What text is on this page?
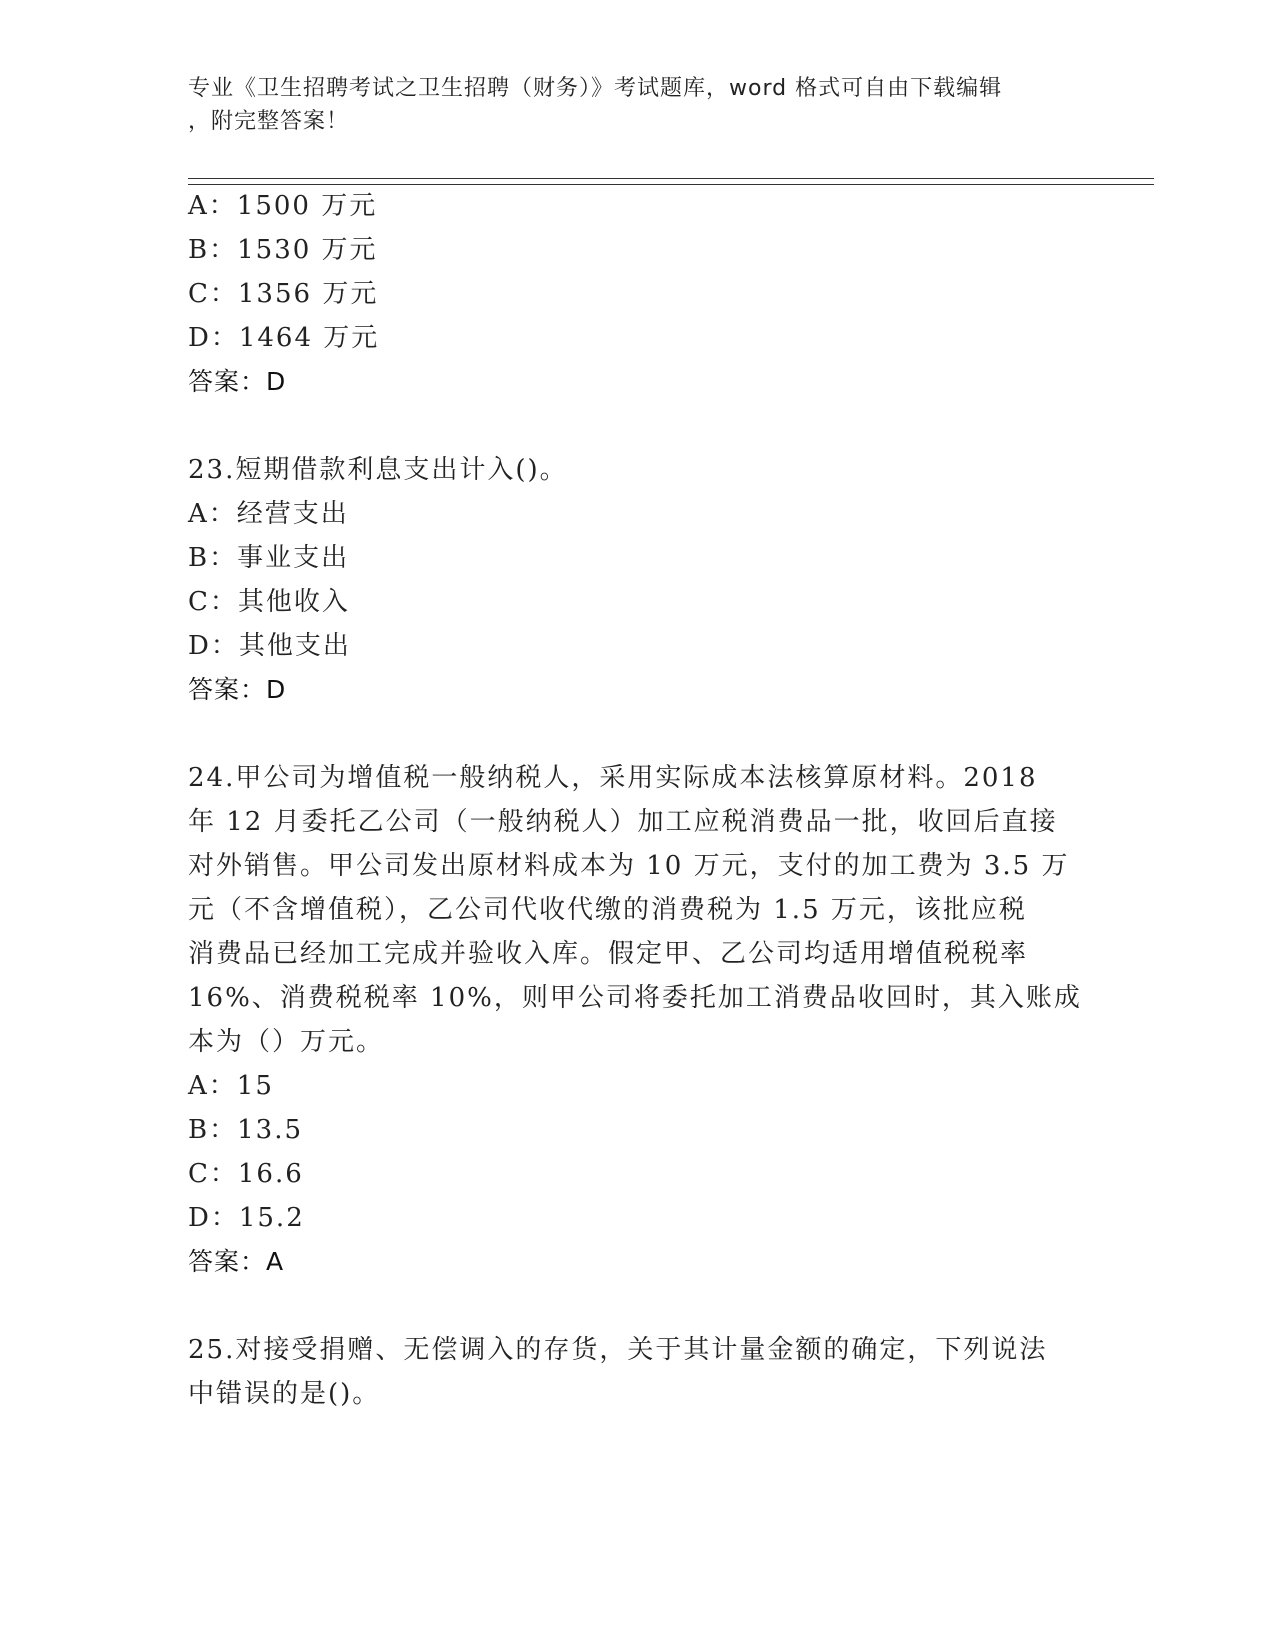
专业《卫生招聘考试之卫生招聘（财务）》考试题库，word 格式可自由下载编辑
，附完整答案！
A：1500 万元
B：1530 万元
C：1356 万元
D：1464 万元
答案：D
23.短期借款利息支出计入()。
A：经营支出
B：事业支出
C：其他收入
D：其他支出
答案：D
24.甲公司为增值税一般纳税人，采用实际成本法核算原材料。2018
年 12 月委托乙公司（一般纳税人）加工应税消费品一批，收回后直接
对外销售。甲公司发出原材料成本为 10 万元，支付的加工费为 3.5 万
元（不含增值税），乙公司代收代缴的消费税为 1.5 万元，该批应税
消费品已经加工完成并验收入库。假定甲、乙公司均适用增值税税率
16%、消费税税率 10%，则甲公司将委托加工消费品收回时，其入账成
本为（）万元。
A：15
B：13.5
C：16.6
D：15.2
答案：A
25.对接受捐赠、无偿调入的存货，关于其计量金额的确定，下列说法
中错误的是()。
